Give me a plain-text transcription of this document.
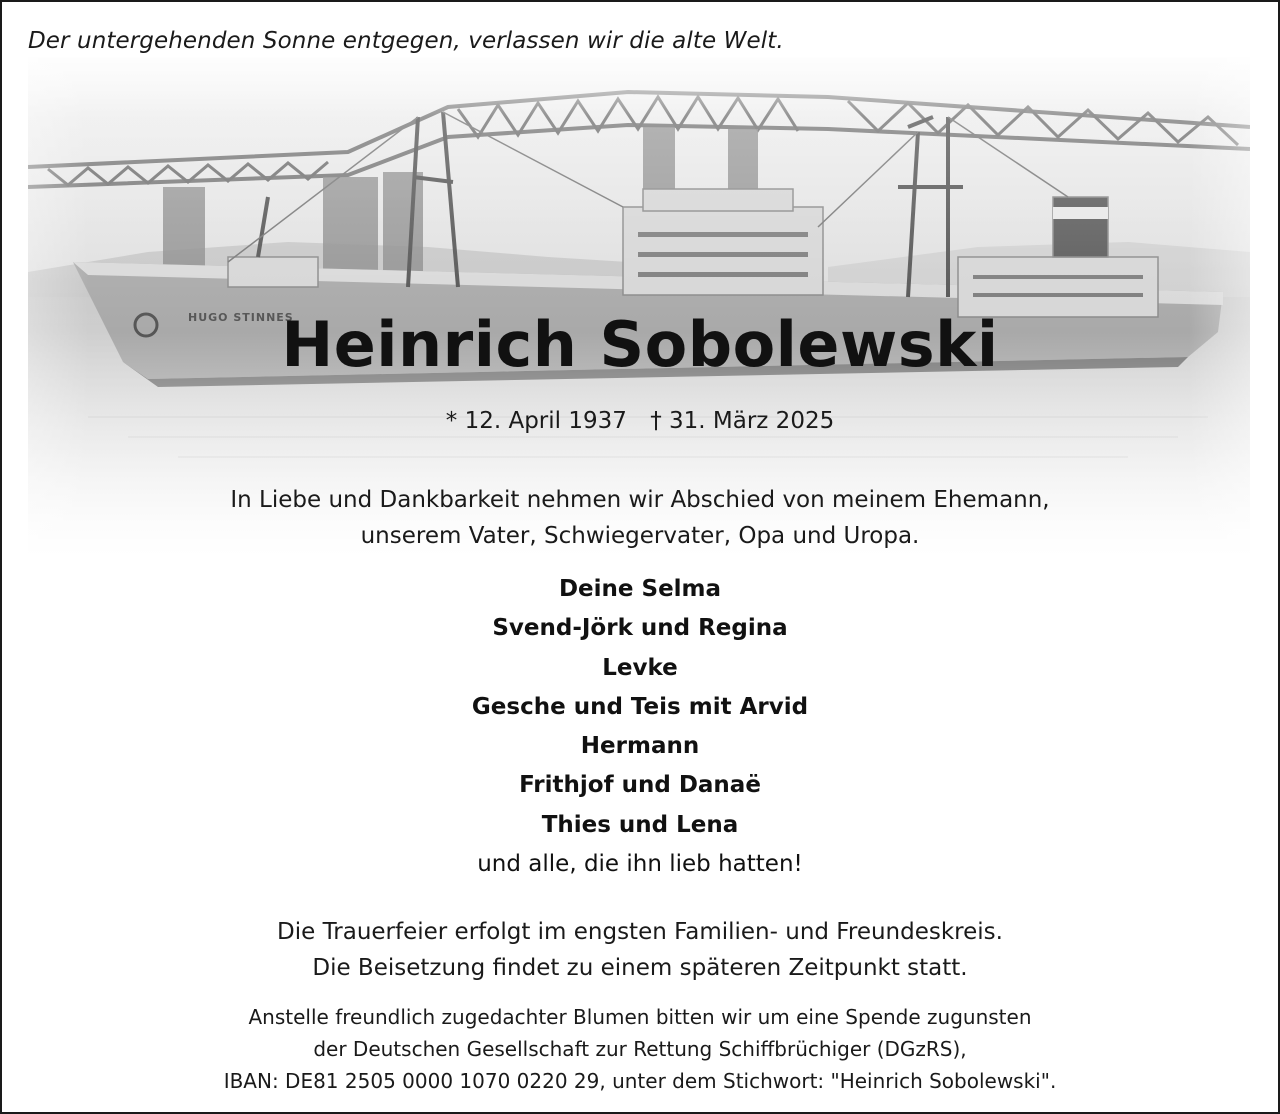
Der untergehenden Sonne entgegen, verlassen wir die alte Welt.
Heinrich Sobolewski
* 12. April 1937 † 31. März 2025
In Liebe und Dankbarkeit nehmen wir Abschied von meinem Ehemann,
unserem Vater, Schwiegervater, Opa und Uropa.
Deine Selma
Svend-Jörk und Regina
Levke
Gesche und Teis mit Arvid
Hermann
Frithjof und Danaë
Thies und Lena
und alle, die ihn lieb hatten!
Die Trauerfeier erfolgt im engsten Familien- und Freundeskreis.
Die Beisetzung findet zu einem späteren Zeitpunkt statt.
Anstelle freundlich zugedachter Blumen bitten wir um eine Spende zugunsten
der Deutschen Gesellschaft zur Rettung Schiffbrüchiger (DGzRS),
IBAN: DE81 2505 0000 1070 0220 29, unter dem Stichwort: "Heinrich Sobolewski".
